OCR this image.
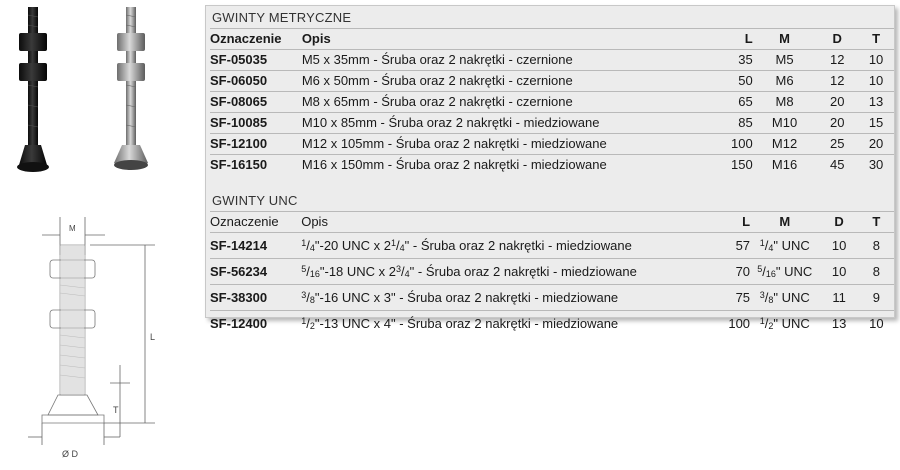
M
L
T
Ø D
GWINTY METRYCZNE
Oznaczenie	Opis	L	M	D	T
SF-05035	M5 x 35mm - Śruba oraz 2 nakrętki - czernione	35	M5	12	10
SF-06050	M6 x 50mm - Śruba oraz 2 nakrętki - czernione	50	M6	12	10
SF-08065	M8 x 65mm - Śruba oraz 2 nakrętki - czernione	65	M8	20	13
SF-10085	M10 x 85mm - Śruba oraz 2 nakrętki - miedziowane	85	M10	20	15
SF-12100	M12 x 105mm - Śruba oraz 2 nakrętki - miedziowane	100	M12	25	20
SF-16150	M16 x 150mm - Śruba oraz 2 nakrętki - miedziowane	150	M16	45	30
GWINTY UNC
Oznaczenie	Opis	L	M	D	T
SF-14214	$^1$/4"-20 UNC x $2^1/4$" - Śruba oraz 2 nakrętki - miedziowane	57	$^1$/4" UNC	10	8
SF-56234	$^5$/16"-18 UNC x $2^3/4$" - Śruba oraz 2 nakrętki - miedziowane	70	$^5$/16" UNC	10	8
SF-38300	$^3$/8"-16 UNC x 3" - Śruba oraz 2 nakrętki - miedziowane	75	$^3$/8" UNC	11	9
SF-12400	$^1$/2"-13 UNC x 4" - Śruba oraz 2 nakrętki - miedziowane	100	$^1$/2" UNC	13	10
